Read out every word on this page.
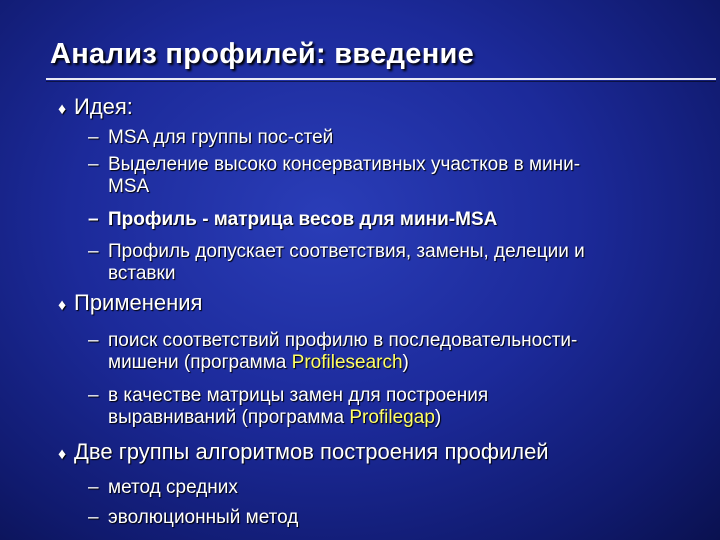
Анализ профилей: введение
♦ Идея:
– MSA для группы пос-стей
– Выделение высоко консервативных участков в мини-
MSA
– Профиль - матрица весов для мини-MSA
– Профиль допускает соответствия, замены, делеции и
вставки
♦ Применения
– поиск соответствий профилю в последовательности-
мишени (программа Profilesearch)
– в качестве матрицы замен для построения
выравниваний (программа Profilegap)
♦ Две группы алгоритмов построения профилей
– метод средних
– эволюционный метод
